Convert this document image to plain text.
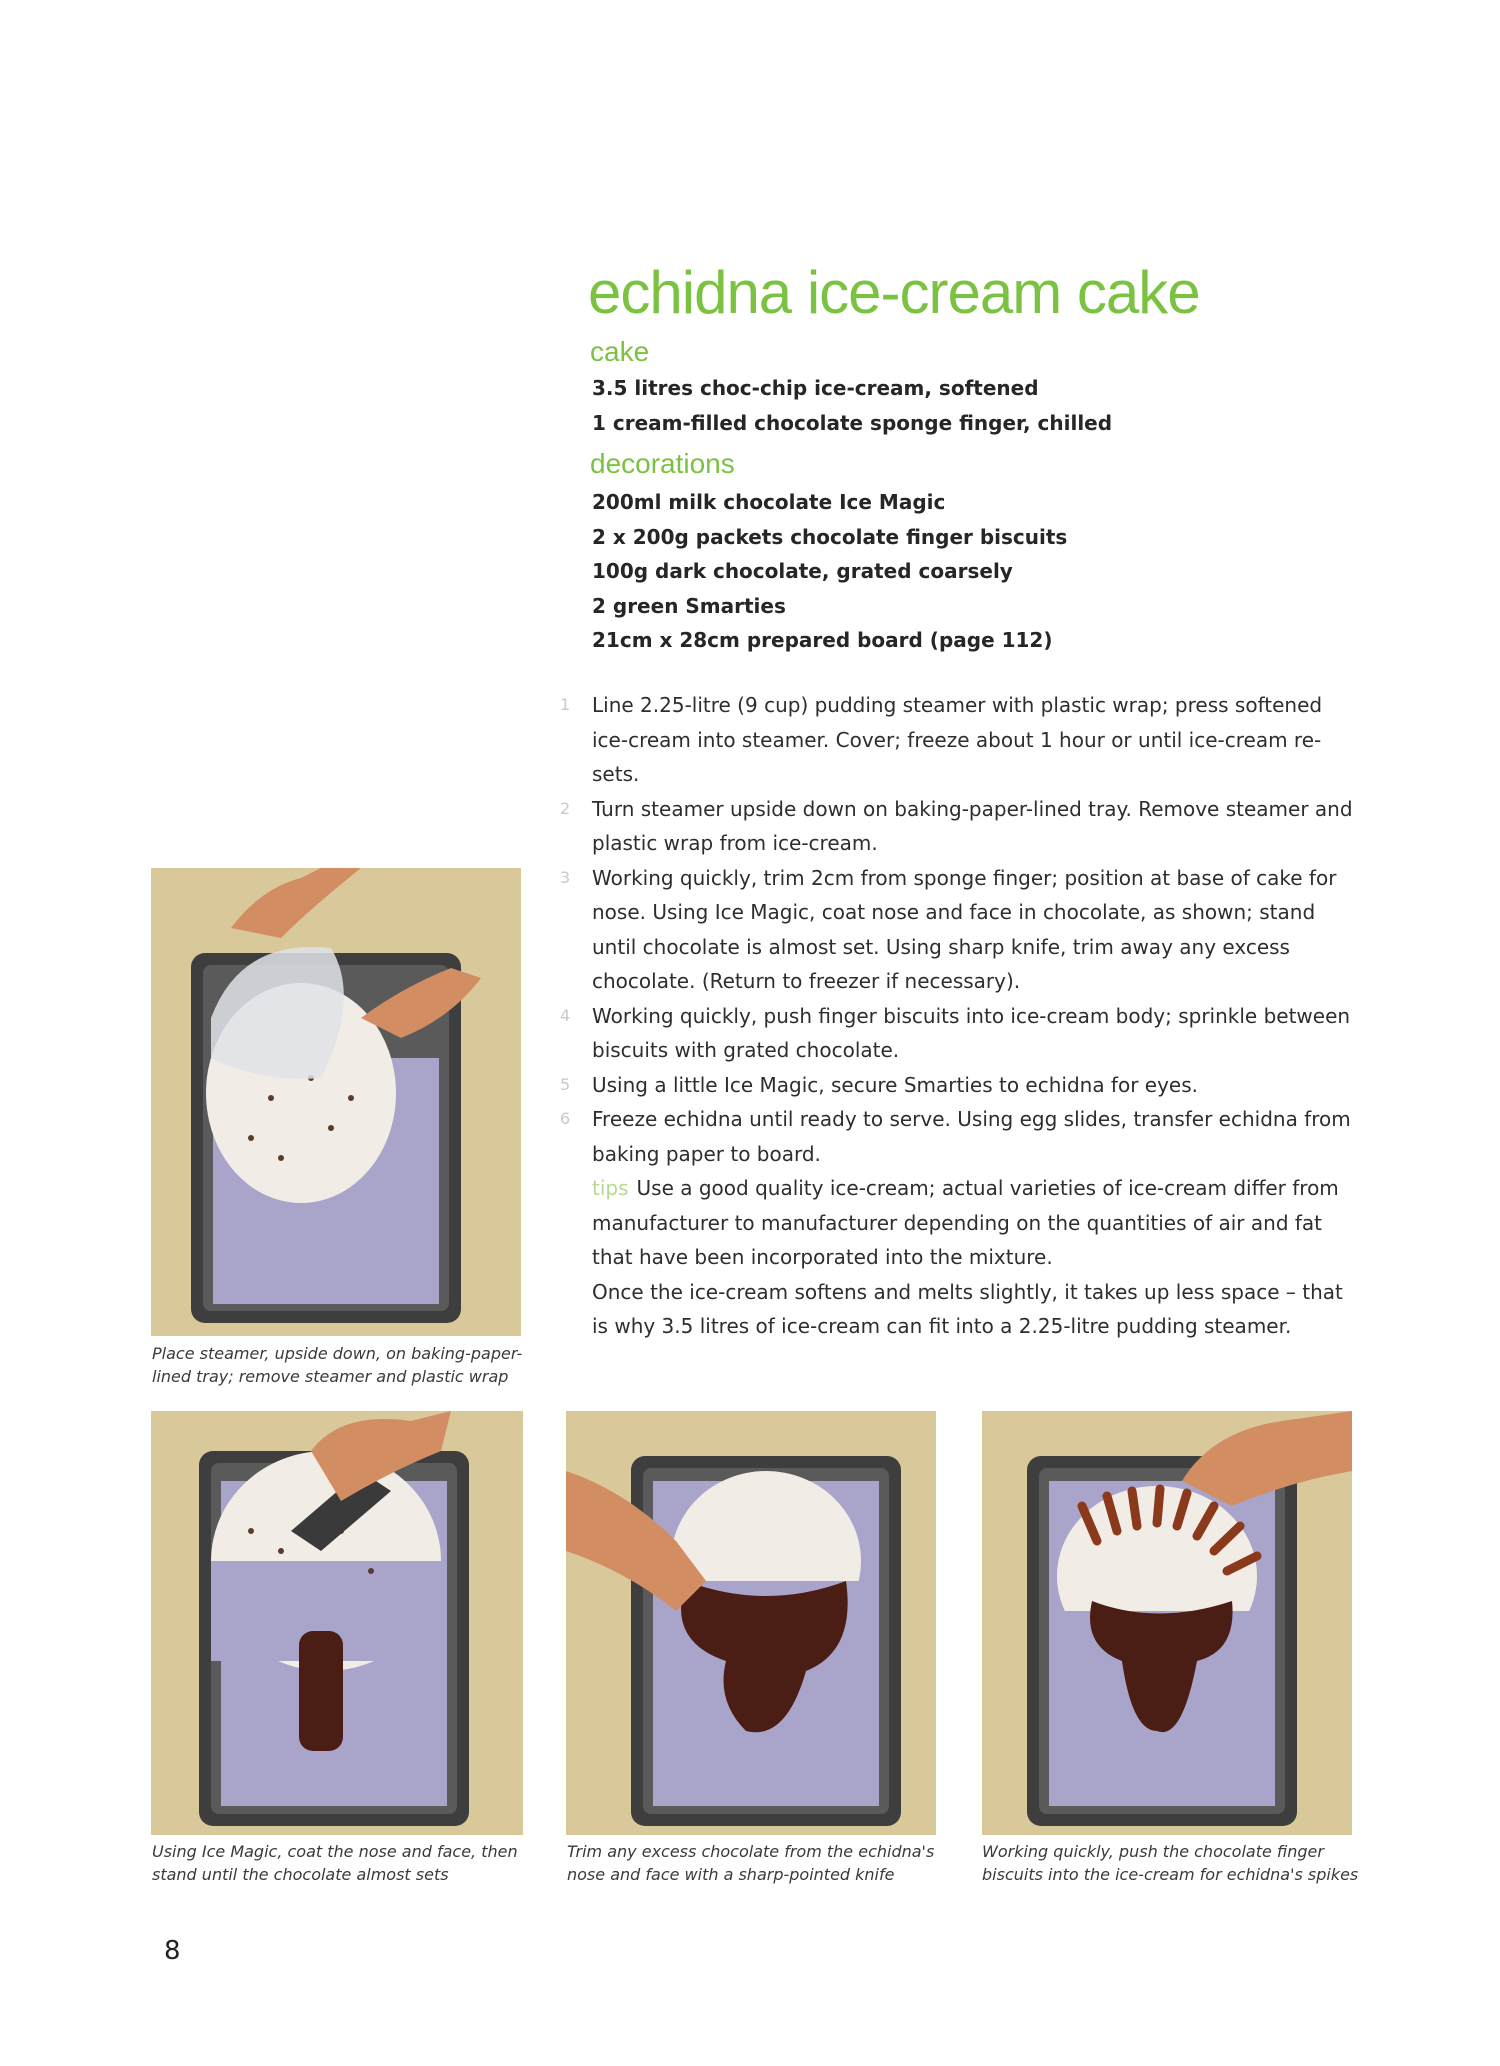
echidna ice-cream cake
cake
3.5 litres choc-chip ice-cream, softened
1 cream-filled chocolate sponge finger, chilled
decorations
200ml milk chocolate Ice Magic
2 x 200g packets chocolate finger biscuits
100g dark chocolate, grated coarsely
2 green Smarties
21cm x 28cm prepared board (page 112)
1	Line 2.25-litre (9 cup) pudding steamer with plastic wrap; press softened ice-cream into steamer. Cover; freeze about 1 hour or until ice-cream re-sets.
2	Turn steamer upside down on baking-paper-lined tray. Remove steamer and plastic wrap from ice-cream.
3	Working quickly, trim 2cm from sponge finger; position at base of cake for nose. Using Ice Magic, coat nose and face in chocolate, as shown; stand until chocolate is almost set. Using sharp knife, trim away any excess chocolate. (Return to freezer if necessary).
4	Working quickly, push finger biscuits into ice-cream body; sprinkle between biscuits with grated chocolate.
5	Using a little Ice Magic, secure Smarties to echidna for eyes.
6	Freeze echidna until ready to serve. Using egg slides, transfer echidna from baking paper to board.

tips Use a good quality ice-cream; actual varieties of ice-cream differ from manufacturer to manufacturer depending on the quantities of air and fat that have been incorporated into the mixture.

Once the ice-cream softens and melts slightly, it takes up less space – that is why 3.5 litres of ice-cream can fit into a 2.25-litre pudding steamer.

Place steamer, upside down, on baking-paper-lined tray; remove steamer and plastic wrap

Using Ice Magic, coat the nose and face, then stand until the chocolate almost sets

Trim any excess chocolate from the echidna's nose and face with a sharp-pointed knife

Working quickly, push the chocolate finger biscuits into the ice-cream for echidna's spikes

8
